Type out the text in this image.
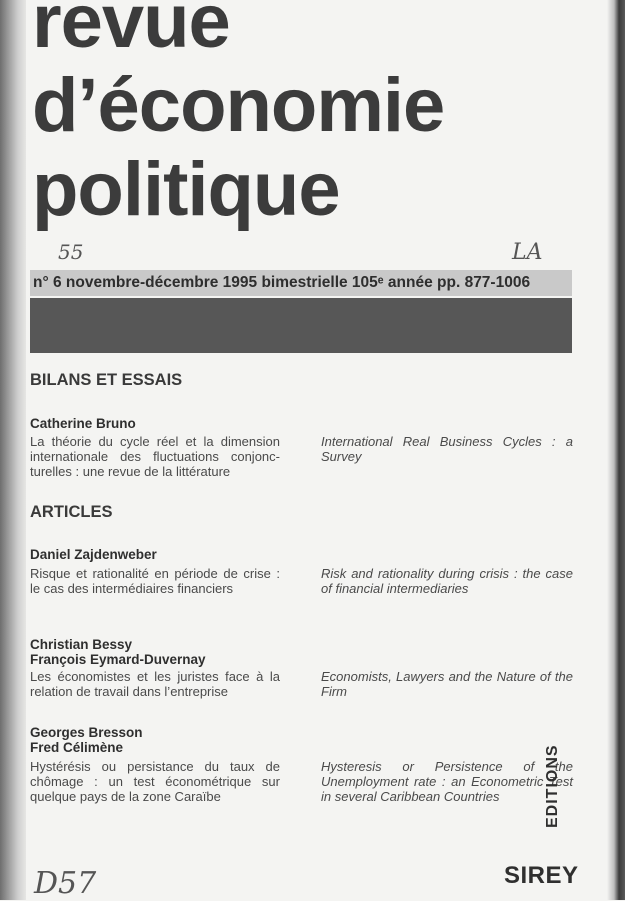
revue
d’économie
politique
55	LA
n° 6 novembre-décembre 1995 bimestrielle 105ᵉ année pp. 877-1006
BILANS ET ESSAIS
Catherine Bruno
La théorie du cycle réel et la dimension internationale des fluctuations conjonc-turelles : une revue de la littérature
International Real Business Cycles : a Survey
ARTICLES
Daniel Zajdenweber
Risque et rationalité en période de crise : le cas des intermédiaires financiers
Risk and rationality during crisis : the case of financial intermediaries
Christian Bessy
François Eymard-Duvernay
Les économistes et les juristes face à la relation de travail dans l’entreprise
Economists, Lawyers and the Nature of the Firm
Georges Bresson
Fred Célimène
Hystérésis ou persistance du taux de chômage : un test économétrique sur quelque pays de la zone Caraïbe
Hysteresis or Persistence of the Unemployment rate : an Econometric Test in several Caribbean Countries	EDITIONS
SIREY
D57
